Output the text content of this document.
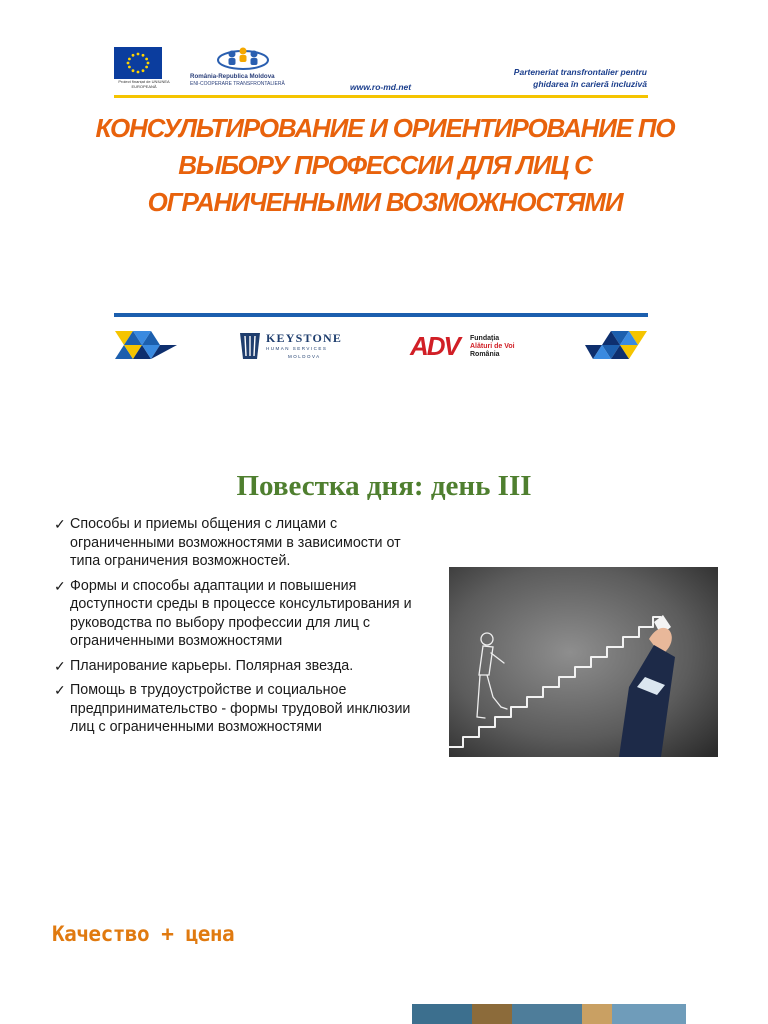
Proiect finanțat de UNIUNEA EUROPEANĂ
România-Republica Moldova
ENI-COOPERARE TRANSFRONTALIERĂ	www.ro-md.net
Parteneriat transfrontalier pentru
ghidarea în carieră incluzivă
КОНСУЛЬТИРОВАНИЕ И ОРИЕНТИРОВАНИЕ ПО ВЫБОРУ ПРОФЕССИИ ДЛЯ ЛИЦ С ОГРАНИЧЕННЫМИ ВОЗМОЖНОСТЯМИ
KEYSTONE
HUMAN SERVICES
MOLDOVA	ADV Fundația
Alături de Voi
România
Повестка дня: день III
✓ Способы и приемы общения с лицами с ограниченными возможностями в зависимости от типа ограничения возможностей.
✓ Формы и способы адаптации и повышения доступности среды в процессе консультирования и руководства по выбору профессии для лиц с ограниченными возможностями
✓ Планирование карьеры. Полярная звезда.
✓ Помощь в трудоустройстве и социальное предпринимательство - формы трудовой инклюзии лиц с ограниченными возможностями
Качество + цена
